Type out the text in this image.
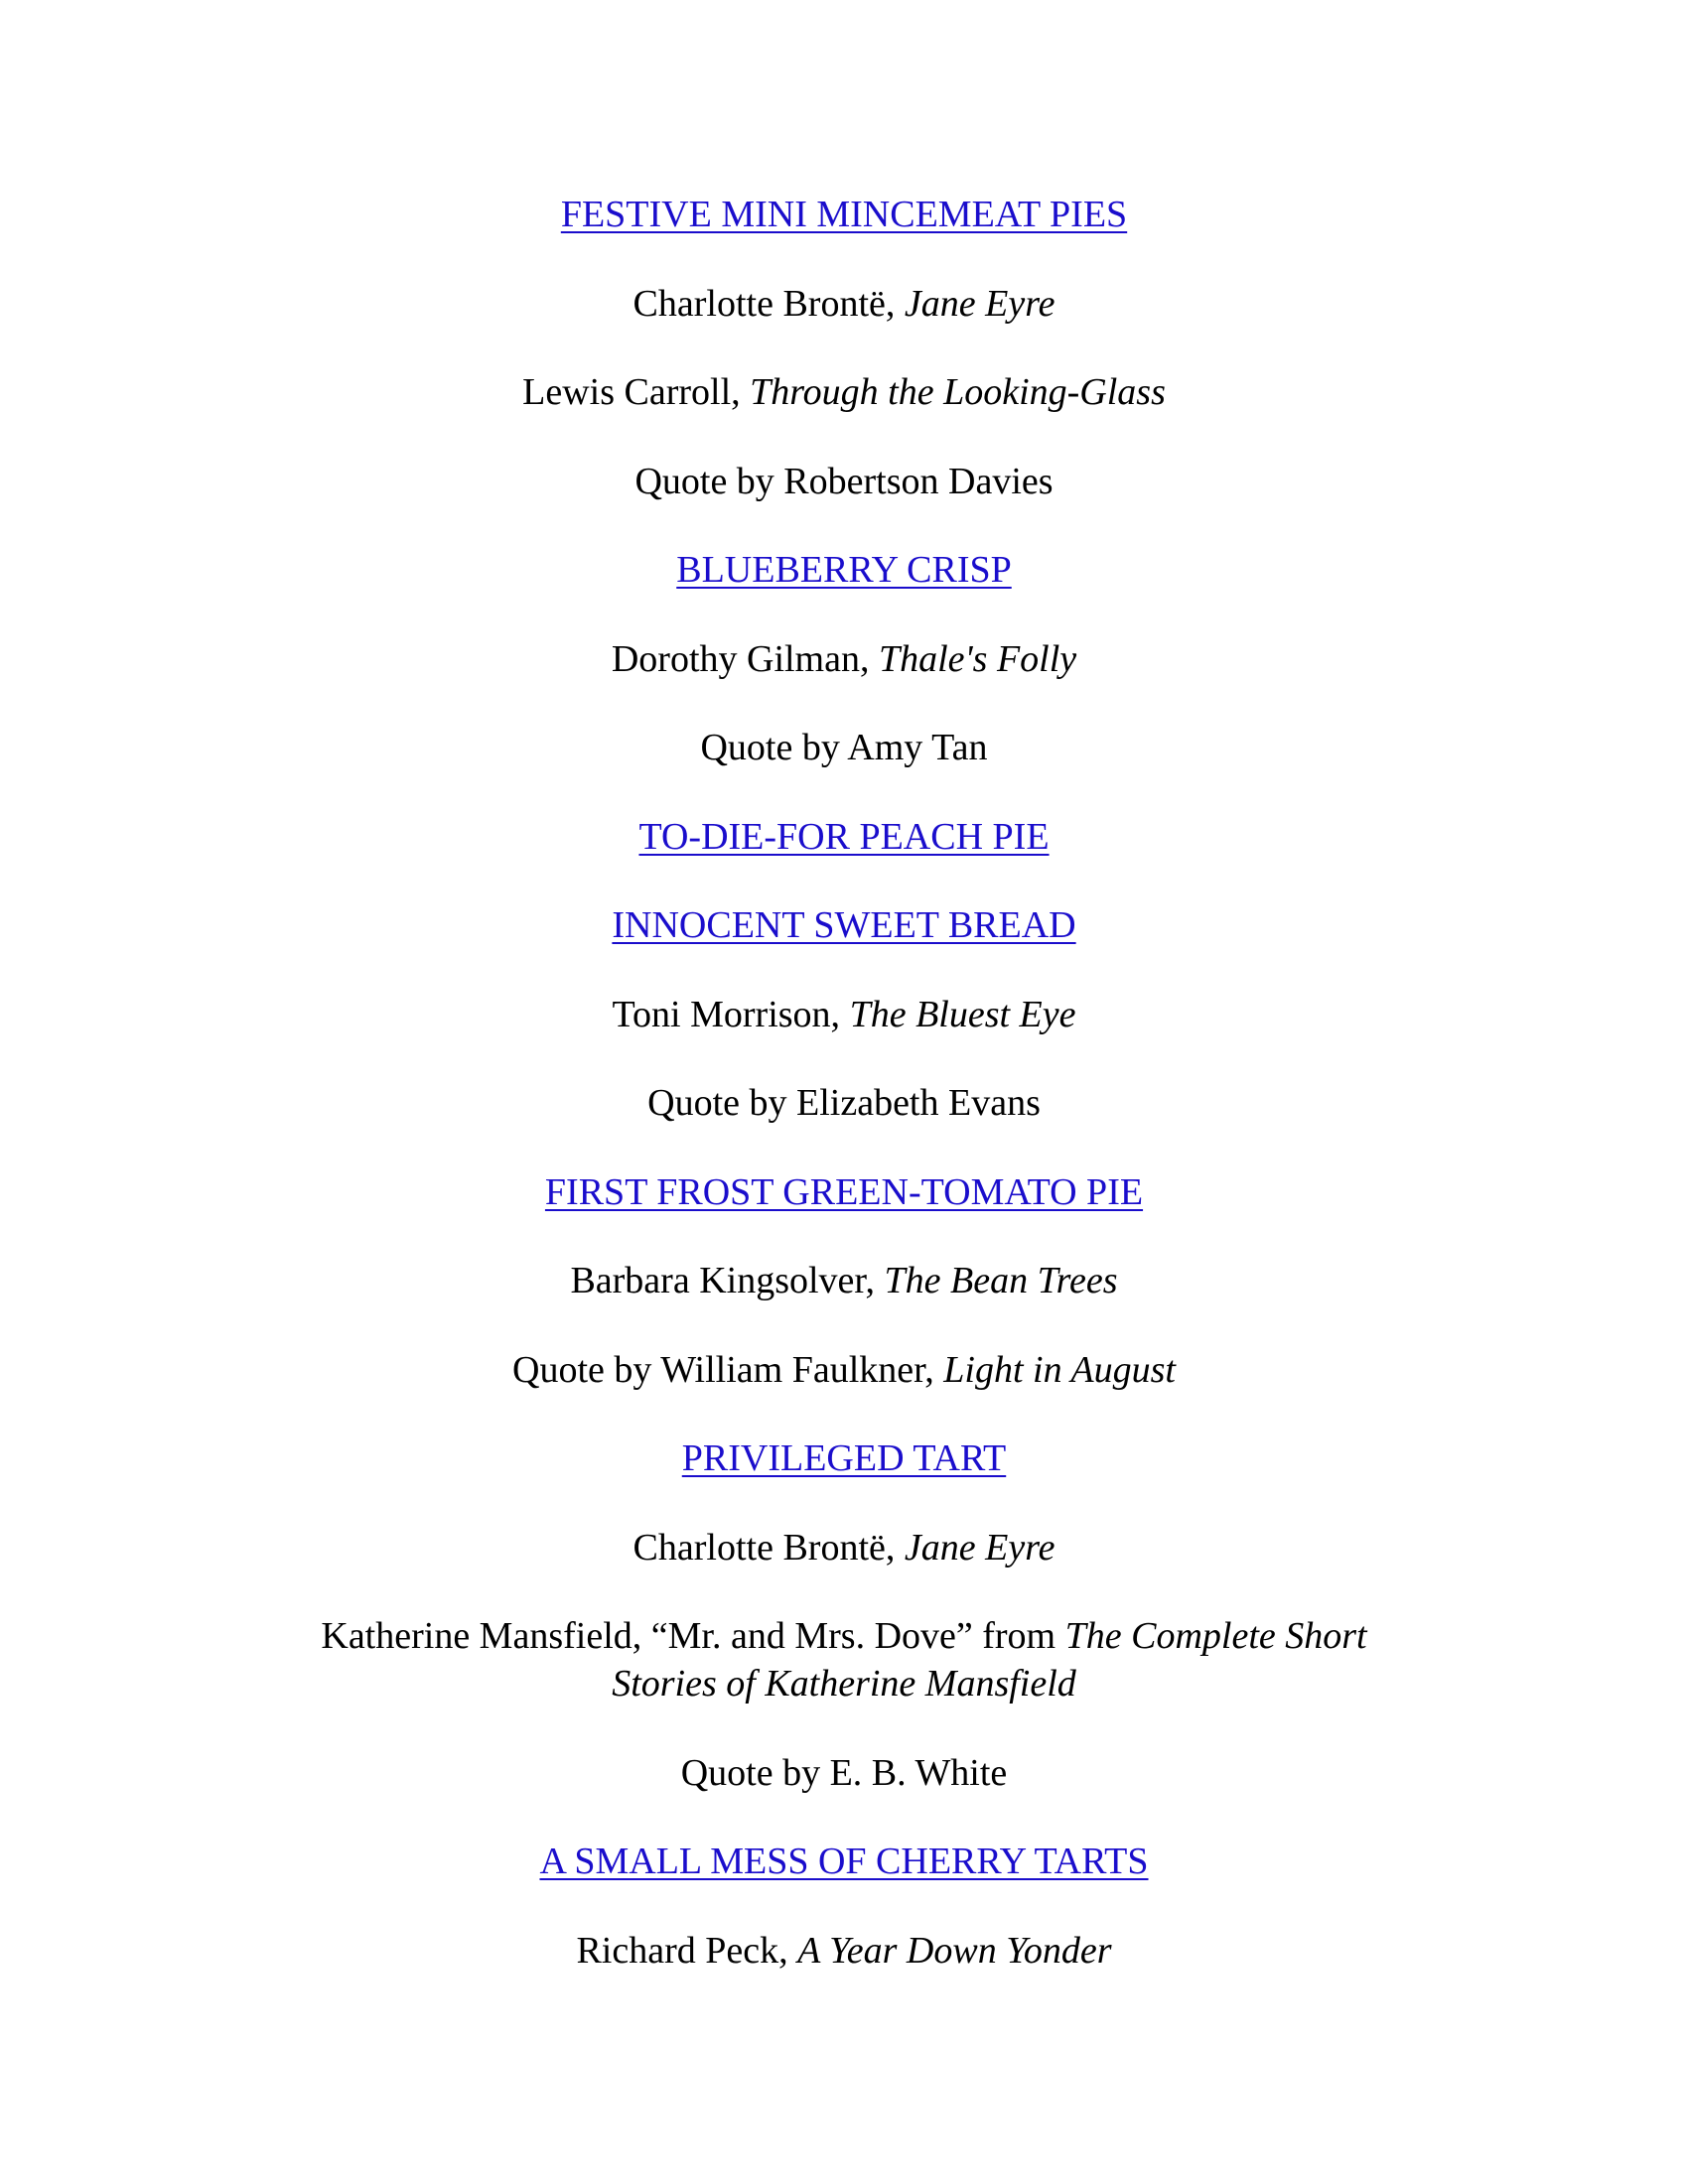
FESTIVE MINI MINCEMEAT PIES
Charlotte Brontë, Jane Eyre
Lewis Carroll, Through the Looking-Glass
Quote by Robertson Davies
BLUEBERRY CRISP
Dorothy Gilman, Thale's Folly
Quote by Amy Tan
TO-DIE-FOR PEACH PIE
INNOCENT SWEET BREAD
Toni Morrison, The Bluest Eye
Quote by Elizabeth Evans
FIRST FROST GREEN-TOMATO PIE
Barbara Kingsolver, The Bean Trees
Quote by William Faulkner, Light in August
PRIVILEGED TART
Charlotte Brontë, Jane Eyre
Katherine Mansfield, “Mr. and Mrs. Dove” from The Complete Short Stories of Katherine Mansfield
Quote by E. B. White
A SMALL MESS OF CHERRY TARTS
Richard Peck, A Year Down Yonder
